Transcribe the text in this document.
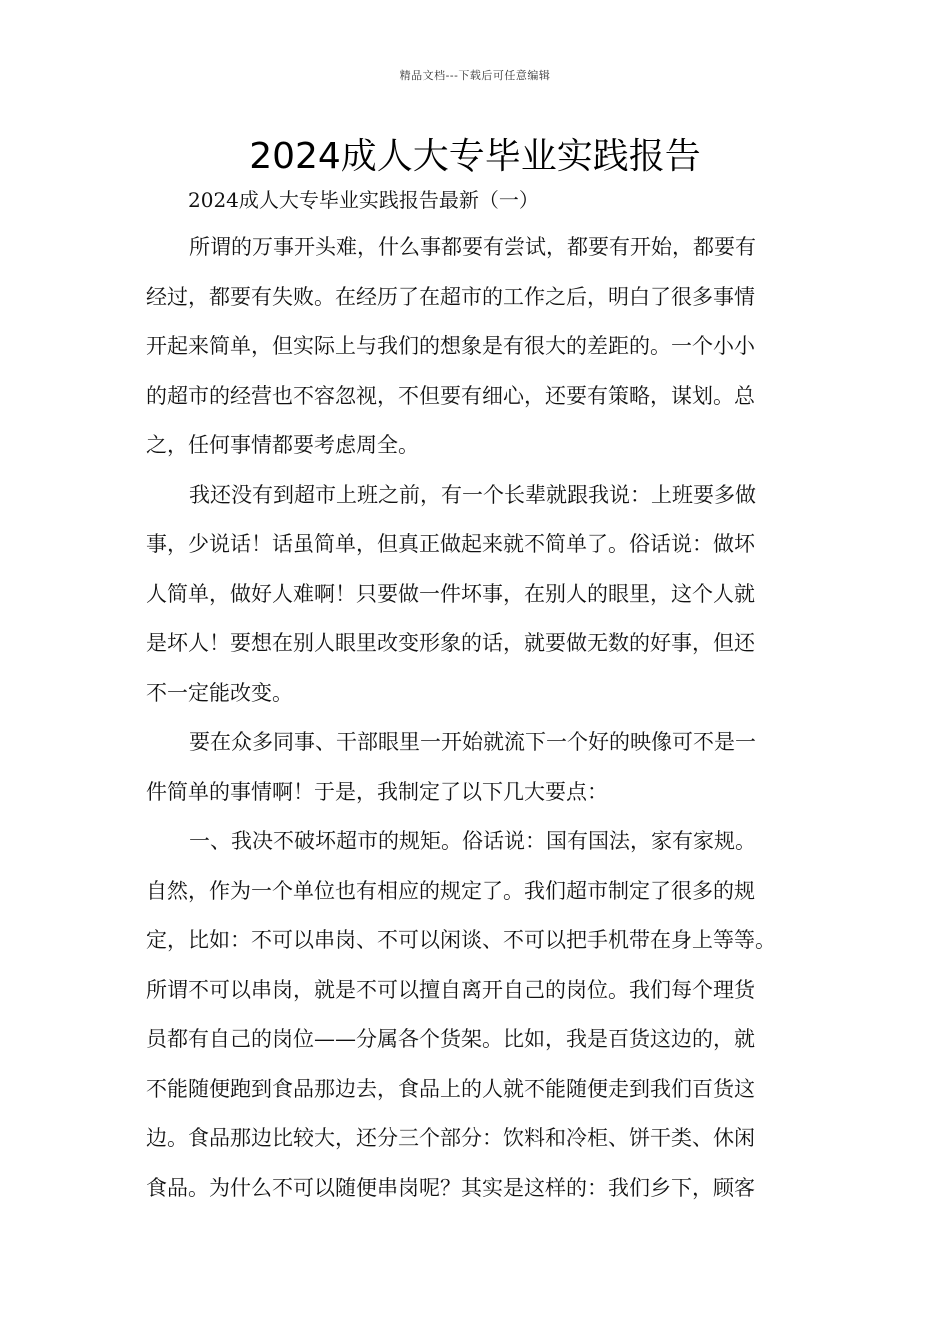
精品文档---下载后可任意编辑
2024成人大专毕业实践报告

2024成人大专毕业实践报告最新（一）

所谓的万事开头难，什么事都要有尝试，都要有开始，都要有
经过，都要有失败。在经历了在超市的工作之后，明白了很多事情
开起来简单，但实际上与我们的想象是有很大的差距的。一个小小
的超市的经营也不容忽视，不但要有细心，还要有策略，谋划。总
之，任何事情都要考虑周全。

我还没有到超市上班之前，有一个长辈就跟我说：上班要多做
事，少说话！话虽简单，但真正做起来就不简单了。俗话说：做坏
人简单，做好人难啊！只要做一件坏事，在别人的眼里，这个人就
是坏人！要想在别人眼里改变形象的话，就要做无数的好事，但还
不一定能改变。

要在众多同事、干部眼里一开始就流下一个好的映像可不是一
件简单的事情啊！于是，我制定了以下几大要点：

一、我决不破坏超市的规矩。俗话说：国有国法，家有家规。
自然，作为一个单位也有相应的规定了。我们超市制定了很多的规
定，比如：不可以串岗、不可以闲谈、不可以把手机带在身上等等。
所谓不可以串岗，就是不可以擅自离开自己的岗位。我们每个理货
员都有自己的岗位——分属各个货架。比如，我是百货这边的，就
不能随便跑到食品那边去，食品上的人就不能随便走到我们百货这
边。食品那边比较大，还分三个部分：饮料和冷柜、饼干类、休闲
食品。为什么不可以随便串岗呢？其实是这样的：我们乡下，顾客
